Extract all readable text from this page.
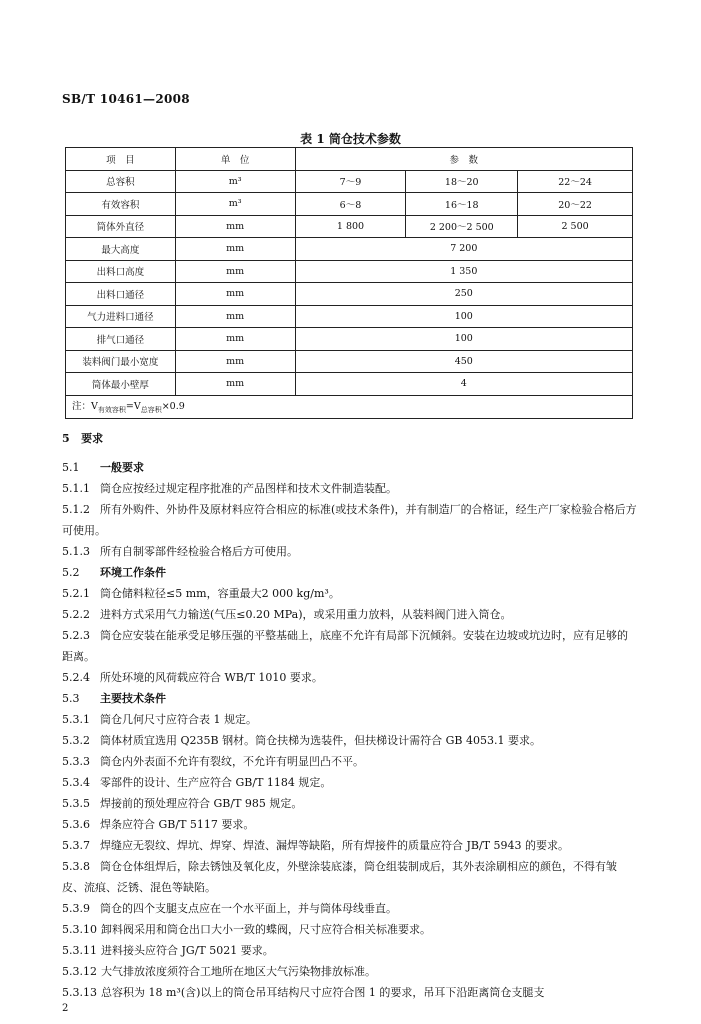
SB/T 10461—2008
表 1 筒仓技术参数
项　目	单　位	参　数		
总容积	m³	7～9	18～20	22～24
有效容积	m³	6～8	16～18	20～22
筒体外直径	mm	1 800	2 200～2 500	2 500
最大高度	mm	7 200		
出料口高度	mm	1 350		
出料口通径	mm	250		
气力进料口通径	mm	100		
排气口通径	mm	100		
装料阀门最小宽度	mm	450		
筒体最小壁厚	mm	4		
注：$V_{有效容积}=V_{总容积}\times 0.9$				
5 要求
5.1 一般要求
5.1.1 筒仓应按经过规定程序批准的产品图样和技术文件制造装配。
5.1.2 所有外购件、外协件及原材料应符合相应的标准(或技术条件)，并有制造厂的合格证，经生产厂家检验合格后方可使用。
5.1.3 所有自制零部件经检验合格后方可使用。
5.2 环境工作条件
5.2.1 筒仓储料粒径≤5 mm，容重最大2 000 kg/m³。
5.2.2 进料方式采用气力输送(气压≤0.20 MPa)，或采用重力放料，从装料阀门进入筒仓。
5.2.3 筒仓应安装在能承受足够压强的平整基础上，底座不允许有局部下沉倾斜。安装在边坡或坑边时，应有足够的距离。
5.2.4 所处环境的风荷载应符合 WB/T 1010 要求。
5.3 主要技术条件
5.3.1 筒仓几何尺寸应符合表 1 规定。
5.3.2 筒体材质宜选用 Q235B 钢材。筒仓扶梯为选装件，但扶梯设计需符合 GB 4053.1 要求。
5.3.3 筒仓内外表面不允许有裂纹，不允许有明显凹凸不平。
5.3.4 零部件的设计、生产应符合 GB/T 1184 规定。
5.3.5 焊接前的预处理应符合 GB/T 985 规定。
5.3.6 焊条应符合 GB/T 5117 要求。
5.3.7 焊缝应无裂纹、焊坑、焊穿、焊渣、漏焊等缺陷，所有焊接件的质量应符合 JB/T 5943 的要求。
5.3.8 筒仓仓体组焊后，除去锈蚀及氧化皮，外壁涂装底漆，筒仓组装制成后，其外表涂刷相应的颜色，不得有皱皮、流痕、泛锈、混色等缺陷。
5.3.9 筒仓的四个支腿支点应在一个水平面上，并与筒体母线垂直。
5.3.10 卸料阀采用和筒仓出口大小一致的蝶阀，尺寸应符合相关标准要求。
5.3.11 进料接头应符合 JG/T 5021 要求。
5.3.12 大气排放浓度须符合工地所在地区大气污染物排放标准。
5.3.13 总容积为 18 m³(含)以上的筒仓吊耳结构尺寸应符合图 1 的要求，吊耳下沿距离筒仓支腿支
2
